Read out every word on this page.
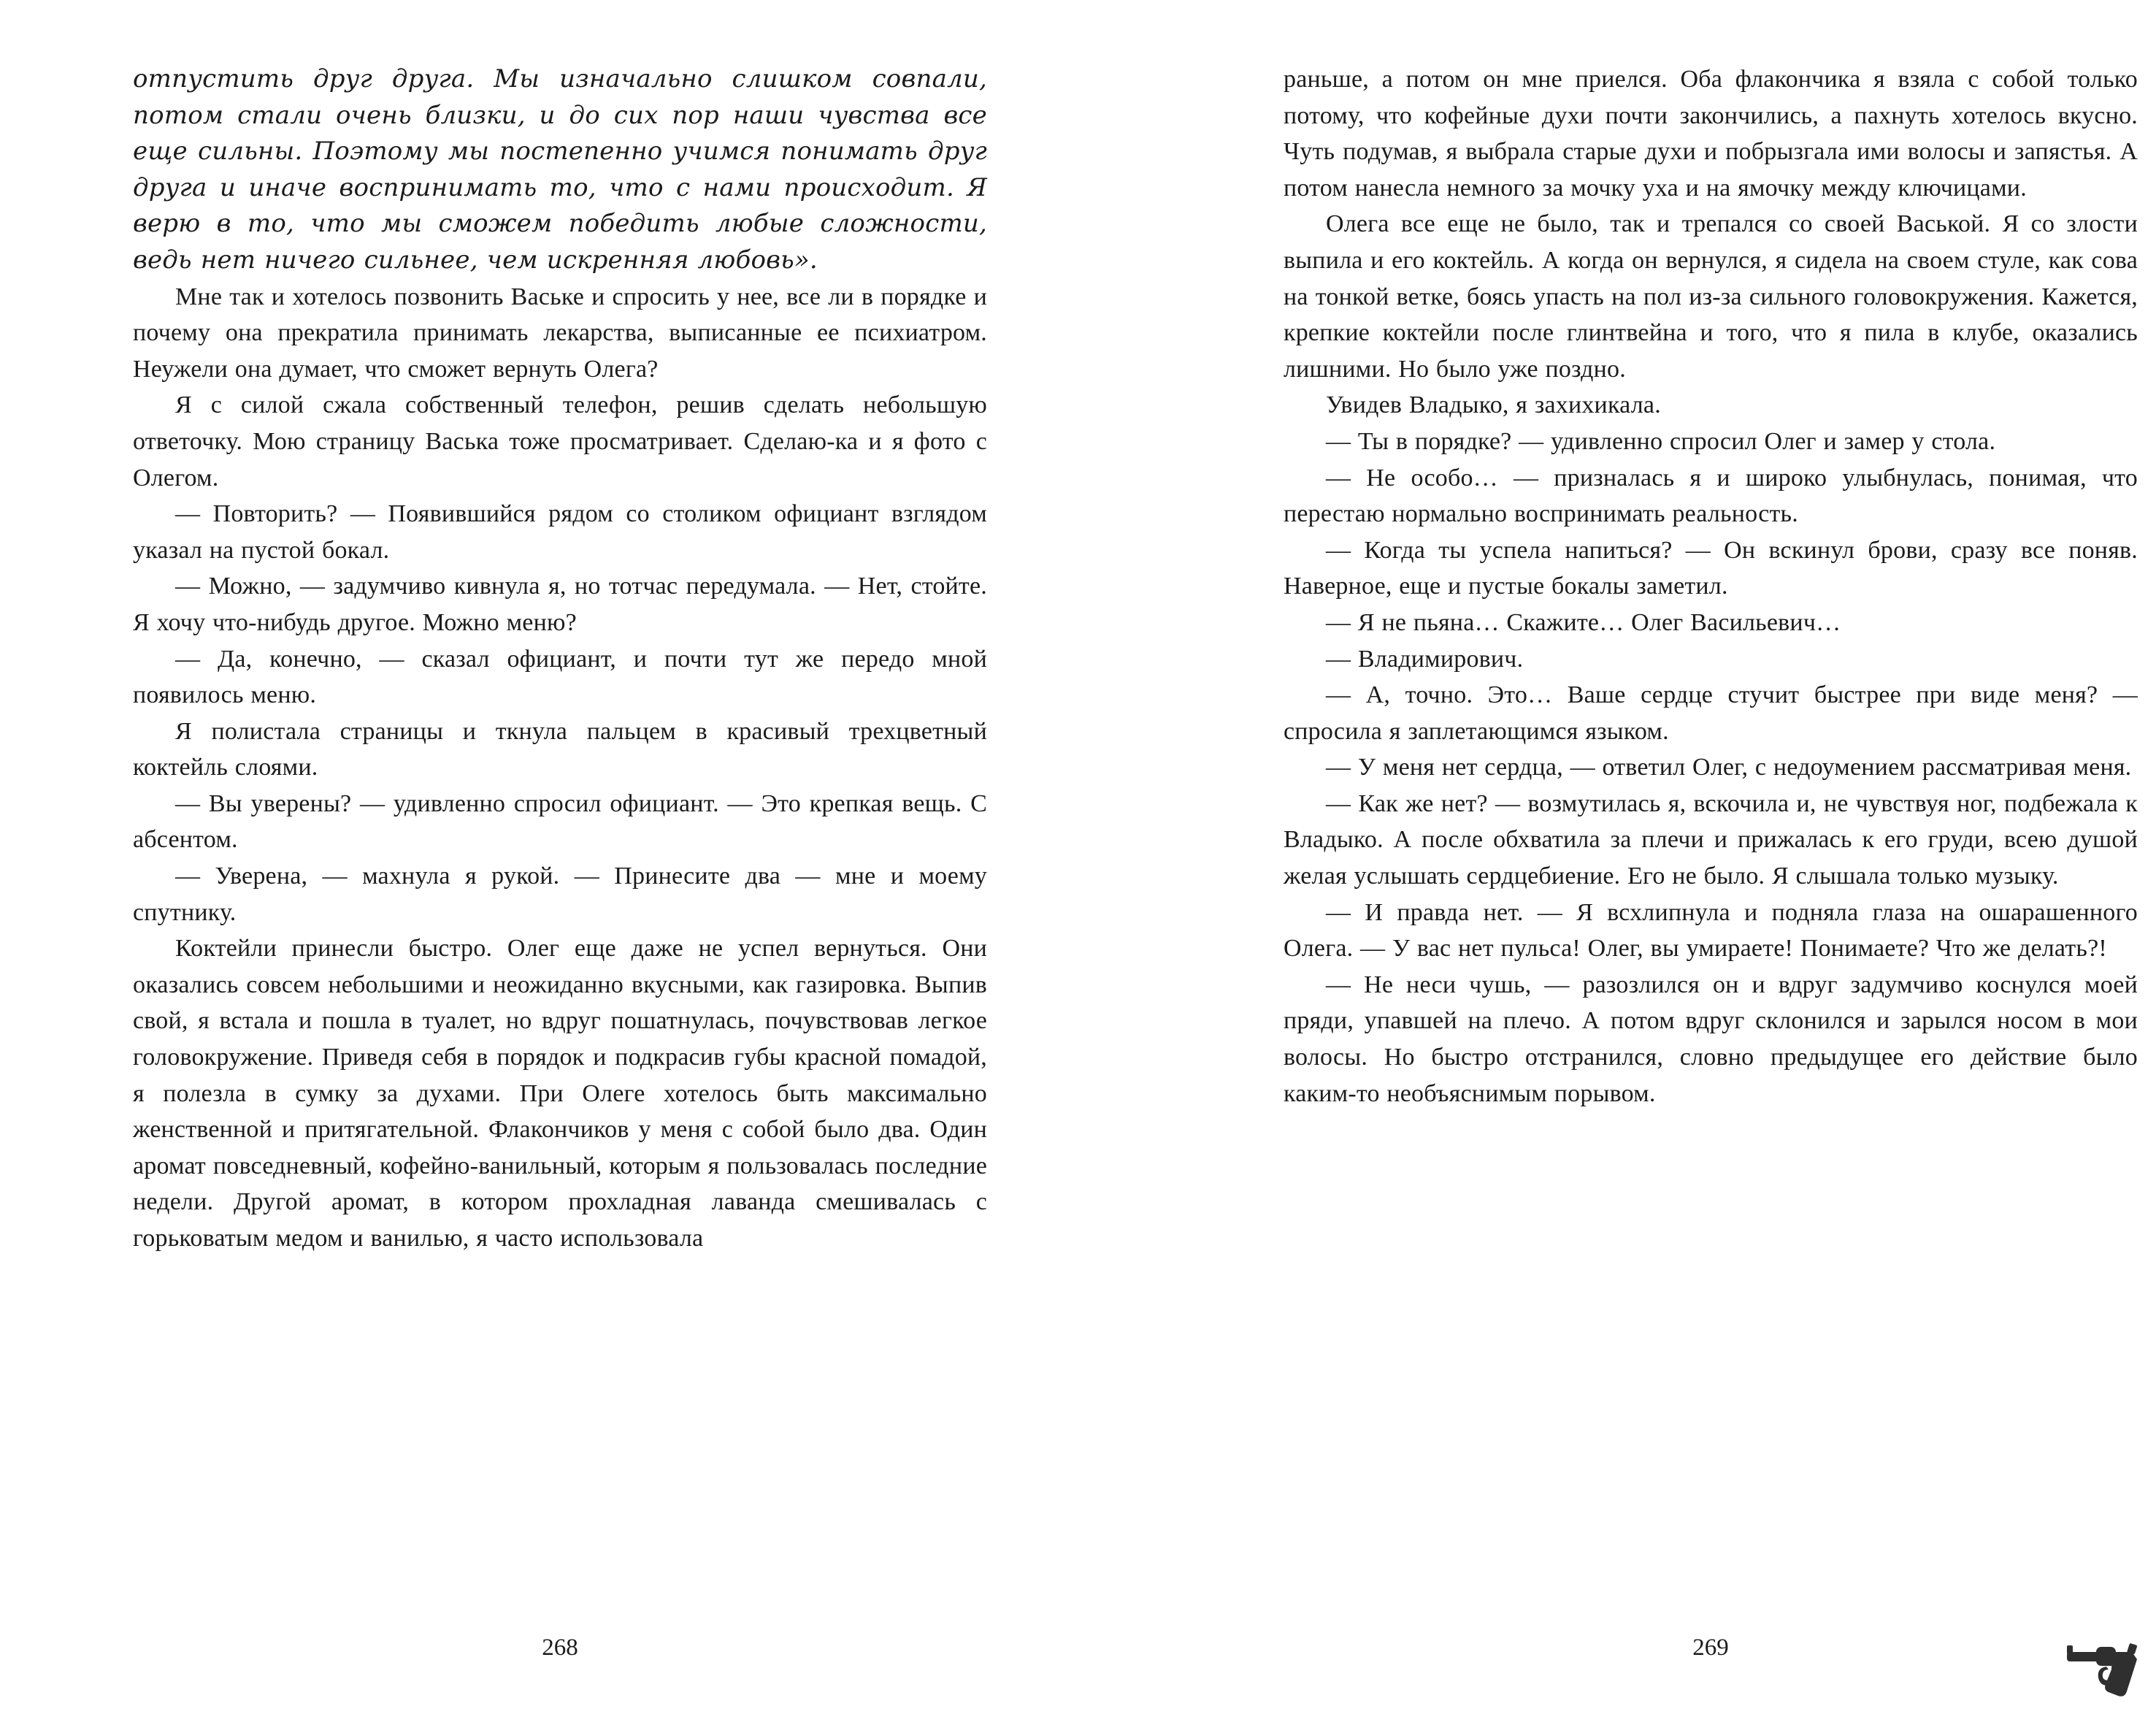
отпустить друг друга. Мы изначально слишком совпали, потом стали очень близки, и до сих пор наши чувства все еще сильны. Поэтому мы постепенно учимся понимать друг друга и иначе воспринимать то, что с нами происходит. Я верю в то, что мы сможем победить любые сложности, ведь нет ничего сильнее, чем искренняя любовь».

Мне так и хотелось позвонить Ваське и спросить у нее, все ли в порядке и почему она прекратила принимать лекарства, выписанные ее психиатром. Неужели она думает, что сможет вернуть Олега?

Я с силой сжала собственный телефон, решив сделать небольшую ответочку. Мою страницу Васька тоже просматривает. Сделаю-ка и я фото с Олегом.

— Повторить? — Появившийся рядом со столиком официант взглядом указал на пустой бокал.

— Можно, — задумчиво кивнула я, но тотчас передумала. — Нет, стойте. Я хочу что-нибудь другое. Можно меню?

— Да, конечно, — сказал официант, и почти тут же передо мной появилось меню.

Я полистала страницы и ткнула пальцем в красивый трехцветный коктейль слоями.

— Вы уверены? — удивленно спросил официант. — Это крепкая вещь. С абсентом.

— Уверена, — махнула я рукой. — Принесите два — мне и моему спутнику.

Коктейли принесли быстро. Олег еще даже не успел вернуться. Они оказались совсем небольшими и неожиданно вкусными, как газировка. Выпив свой, я встала и пошла в туалет, но вдруг пошатнулась, почувствовав легкое головокружение. Приведя себя в порядок и подкрасив губы красной помадой, я полезла в сумку за духами. При Олеге хотелось быть максимально женственной и притягательной. Флакончиков у меня с собой было два. Один аромат повседневный, кофейно-ванильный, которым я пользовалась последние недели. Другой аромат, в котором прохладная лаванда смешивалась с горьковатым медом и ванилью, я часто использовала

268

раньше, а потом он мне приелся. Оба флакончика я взяла с собой только потому, что кофейные духи почти закончились, а пахнуть хотелось вкусно. Чуть подумав, я выбрала старые духи и побрызгала ими волосы и запястья. А потом нанесла немного за мочку уха и на ямочку между ключицами.

Олега все еще не было, так и трепался со своей Васькой. Я со злости выпила и его коктейль. А когда он вернулся, я сидела на своем стуле, как сова на тонкой ветке, боясь упасть на пол из-за сильного головокружения. Кажется, крепкие коктейли после глинтвейна и того, что я пила в клубе, оказались лишними. Но было уже поздно.

Увидев Владыко, я захихикала.

— Ты в порядке? — удивленно спросил Олег и замер у стола.

— Не особо… — призналась я и широко улыбнулась, понимая, что перестаю нормально воспринимать реальность.

— Когда ты успела напиться? — Он вскинул брови, сразу все поняв. Наверное, еще и пустые бокалы заметил.

— Я не пьяна… Скажите… Олег Васильевич…

— Владимирович.

— А, точно. Это… Ваше сердце стучит быстрее при виде меня? — спросила я заплетающимся языком.

— У меня нет сердца, — ответил Олег, с недоумением рассматривая меня.

— Как же нет? — возмутилась я, вскочила и, не чувствуя ног, подбежала к Владыко. А после обхватила за плечи и прижалась к его груди, всею душой желая услышать сердцебиение. Его не было. Я слышала только музыку.

— И правда нет. — Я всхлипнула и подняла глаза на ошарашенного Олега. — У вас нет пульса! Олег, вы умираете! Понимаете? Что же делать?!

— Не неси чушь, — разозлился он и вдруг задумчиво коснулся моей пряди, упавшей на плечо. А потом вдруг склонился и зарылся носом в мои волосы. Но быстро отстранился, словно предыдущее его действие было каким-то необъяснимым порывом.

269
